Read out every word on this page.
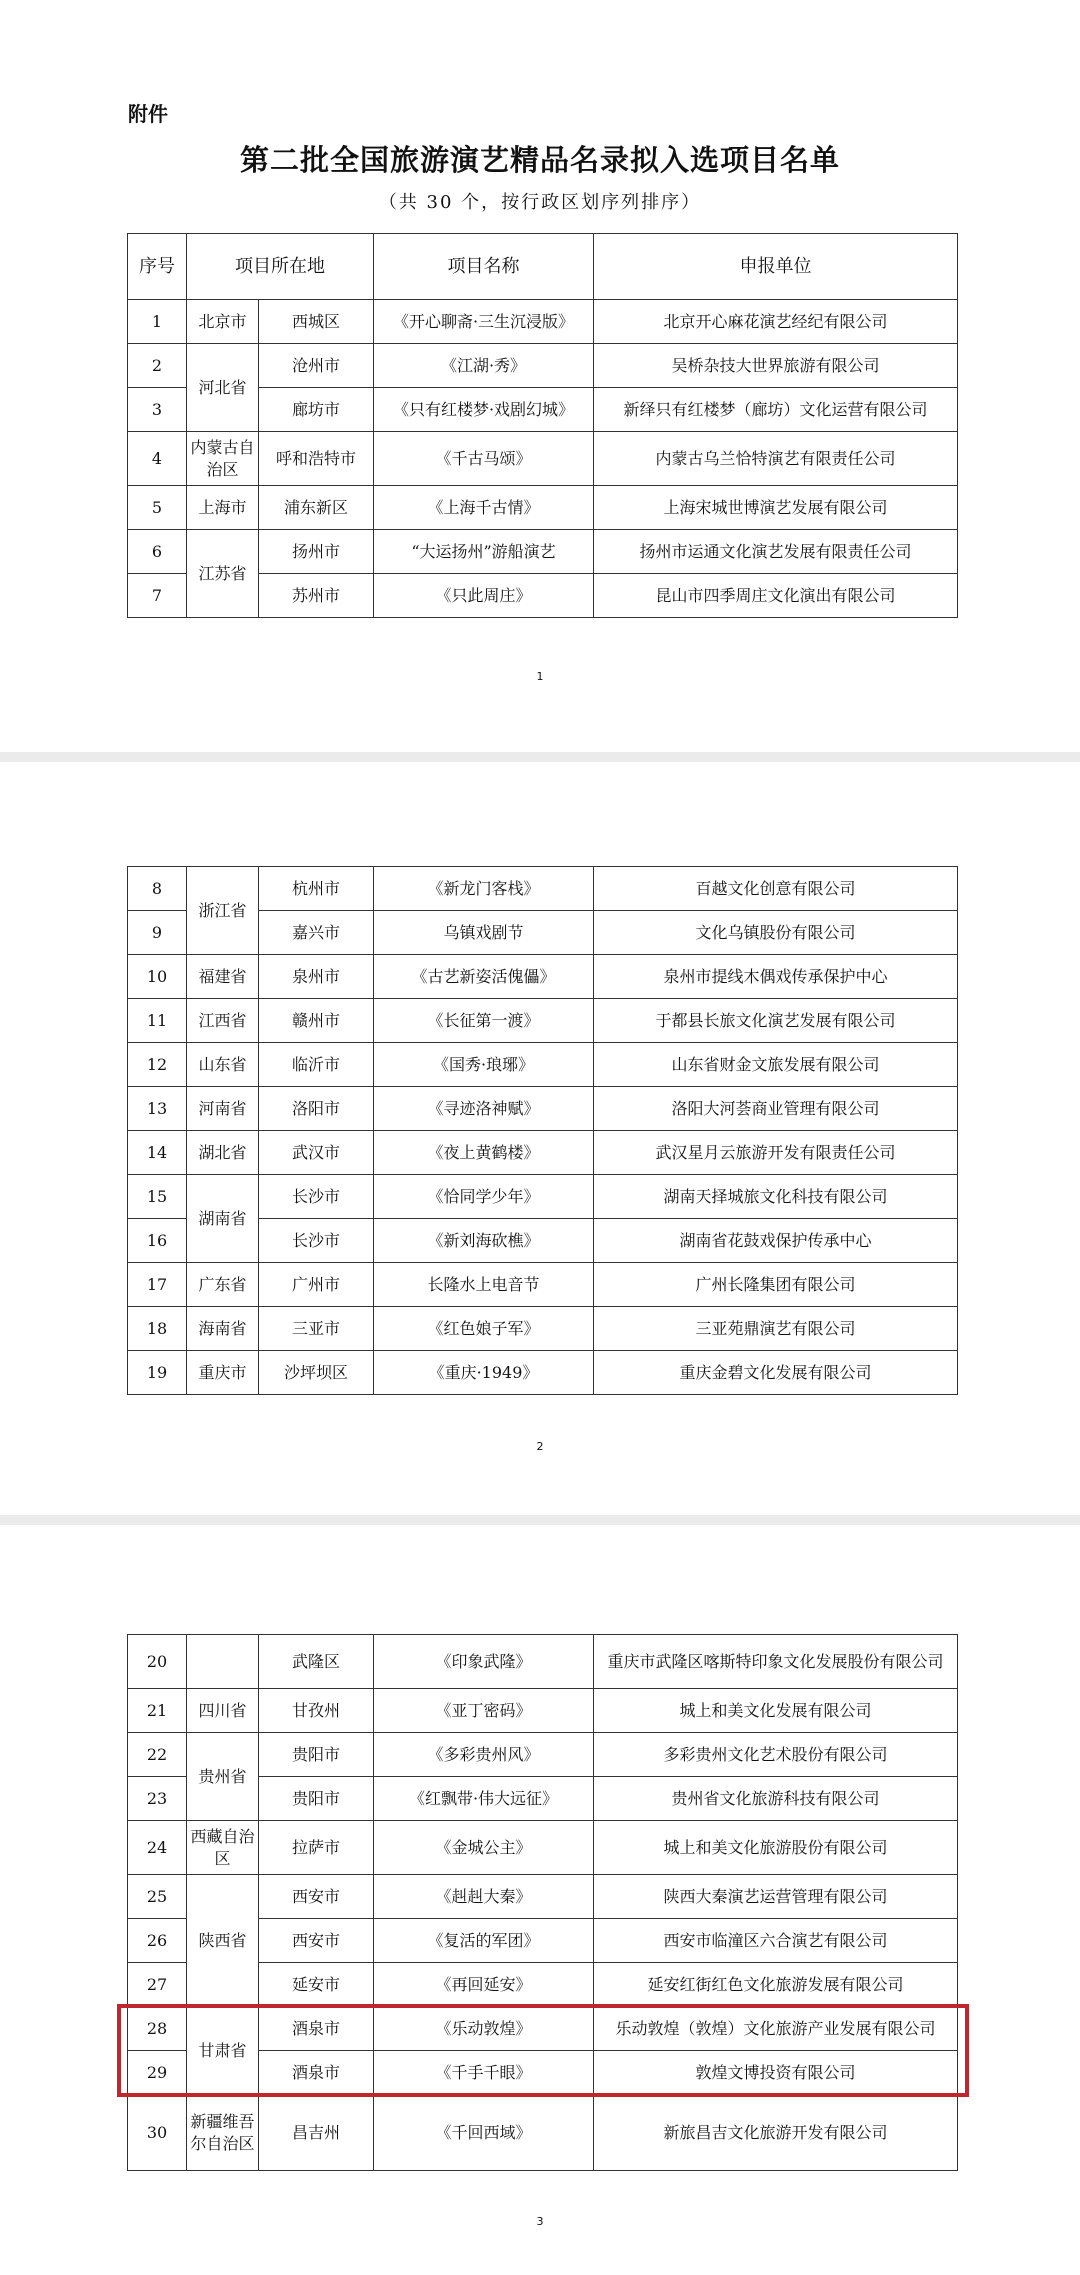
附件
第二批全国旅游演艺精品名录拟入选项目名单
（共 30 个，按行政区划序列排序）
序号	项目所在地		项目名称	申报单位
1	北京市	西城区	《开心聊斋·三生沉浸版》	北京开心麻花演艺经纪有限公司
2	河北省	沧州市	《江湖·秀》	吴桥杂技大世界旅游有限公司
3		廊坊市	《只有红楼梦·戏剧幻城》	新绎只有红楼梦（廊坊）文化运营有限公司
4	内蒙古自治区	呼和浩特市	《千古马颂》	内蒙古乌兰恰特演艺有限责任公司
5	上海市	浦东新区	《上海千古情》	上海宋城世博演艺发展有限公司
6	江苏省	扬州市	“大运扬州”游船演艺	扬州市运通文化演艺发展有限责任公司
7		苏州市	《只此周庄》	昆山市四季周庄文化演出有限公司
1
2
8	浙江省	杭州市	《新龙门客栈》	百越文化创意有限公司
9		嘉兴市	乌镇戏剧节	文化乌镇股份有限公司
10	福建省	泉州市	《古艺新姿活傀儡》	泉州市提线木偶戏传承保护中心
11	江西省	赣州市	《长征第一渡》	于都县长旅文化演艺发展有限公司
12	山东省	临沂市	《国秀·琅琊》	山东省财金文旅发展有限公司
13	河南省	洛阳市	《寻迹洛神赋》	洛阳大河荟商业管理有限公司
14	湖北省	武汉市	《夜上黄鹤楼》	武汉星月云旅游开发有限责任公司
15	湖南省	长沙市	《恰同学少年》	湖南天择城旅文化科技有限公司
16		长沙市	《新刘海砍樵》	湖南省花鼓戏保护传承中心
17	广东省	广州市	长隆水上电音节	广州长隆集团有限公司
18	海南省	三亚市	《红色娘子军》	三亚苑鼎演艺有限公司
19	重庆市	沙坪坝区	《重庆·1949》	重庆金碧文化发展有限公司
3
20		武隆区	《印象武隆》	重庆市武隆区喀斯特印象文化发展股份有限公司
21	四川省	甘孜州	《亚丁密码》	城上和美文化发展有限公司
22	贵州省	贵阳市	《多彩贵州风》	多彩贵州文化艺术股份有限公司
23		贵阳市	《红飘带·伟大远征》	贵州省文化旅游科技有限公司
24	西藏自治区	拉萨市	《金城公主》	城上和美文化旅游股份有限公司
25	陕西省	西安市	《赳赳大秦》	陕西大秦演艺运营管理有限公司
26		西安市	《复活的军团》	西安市临潼区六合演艺有限公司
27		延安市	《再回延安》	延安红街红色文化旅游发展有限公司
28	甘肃省	酒泉市	《乐动敦煌》	乐动敦煌（敦煌）文化旅游产业发展有限公司
29		酒泉市	《千手千眼》	敦煌文博投资有限公司
30	新疆维吾尔自治区	昌吉州	《千回西域》	新旅昌吉文化旅游开发有限公司
